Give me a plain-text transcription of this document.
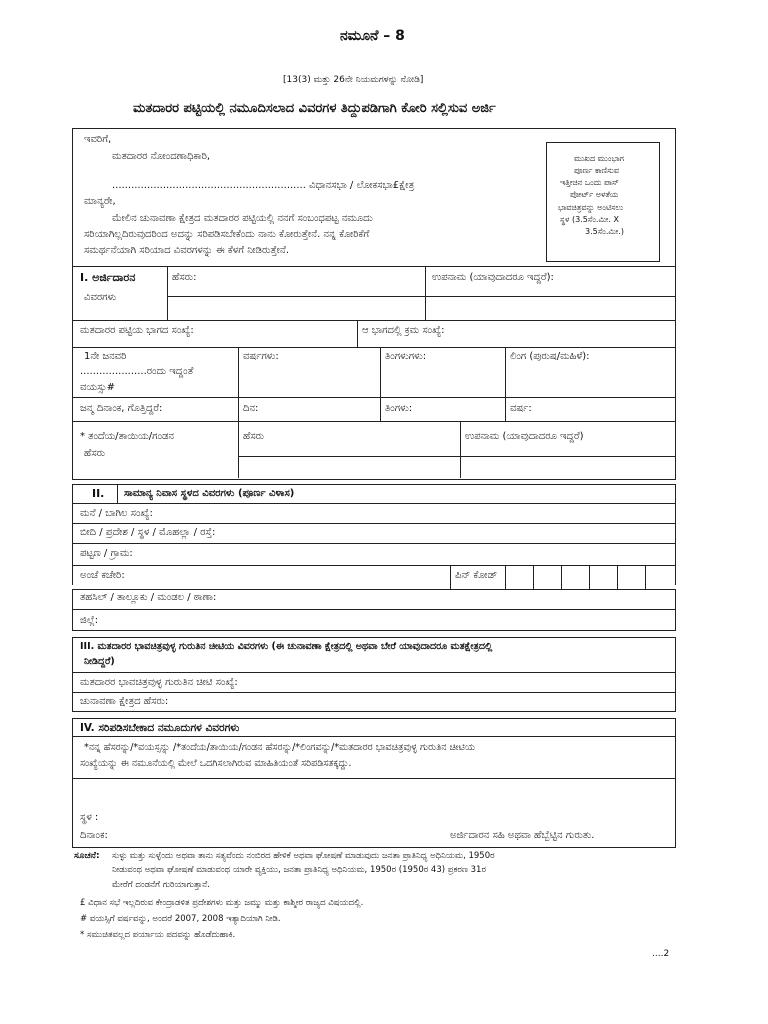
ನಮೂನೆ – 8
[13(3) ಮತ್ತು 26ನೇ ನಿಯಮಗಳನ್ನು ನೋಡಿ]
ಮತದಾರರ ಪಟ್ಟಿಯಲ್ಲಿ ನಮೂದಿಸಲಾದ ವಿವರಗಳ ತಿದ್ದುಪಡಿಗಾಗಿ ಕೋರಿ ಸಲ್ಲಿಸುವ ಅರ್ಜಿ
ಇವರಿಗೆ,
ಮತದಾರರ ನೋಂದಣಾಧಿಕಾರಿ,
............................................................. ವಿಧಾನಸಭಾ / ಲೋಕಸಭಾ£ಕ್ಷೇತ್ರ
ಮಾನ್ಯರೇ,
ಮೇಲಿನ ಚುನಾವಣಾ ಕ್ಷೇತ್ರದ ಮತದಾರರ ಪಟ್ಟಿಯಲ್ಲಿ ನನಗೆ ಸಂಬಂಧಪಟ್ಟ ನಮೂದು
ಸರಿಯಾಗಿಲ್ಲದಿರುವುದರಿಂದ ಅದನ್ನು ಸರಿಪಡಿಸಬೇಕೆಂದು ನಾನು ಕೋರುತ್ತೇನೆ. ನನ್ನ ಕೋರಿಕೆಗೆ
ಸಮರ್ಥನೆಯಾಗಿ ಸರಿಯಾದ ವಿವರಗಳನ್ನು ಈ ಕೆಳಗೆ ನೀಡಿರುತ್ತೇನೆ.
ಮುಖದ ಮುಂಭಾಗ
ಪೂರ್ಣ ಕಾಣಿಸುವ
ಇತ್ತೀಚಿನ ಒಂದು ಪಾಸ್
ಪೋರ್ಟ್ ಅಳತೆಯ
ಭಾವಚಿತ್ರವನ್ನು ಅಂಟಿಸಲು
ಸ್ಥಳ (3.5ಸೆಂ.ಮೀ. X
3.5ಸೆಂ.ಮೀ.)
I. ಅರ್ಜಿದಾರನ
ವಿವರಗಳು
ಹೆಸರು:	ಉಪನಾಮ (ಯಾವುದಾದರೂ ಇದ್ದರೆ):
ಮತದಾರರ ಪಟ್ಟಿಯ ಭಾಗದ ಸಂಖ್ಯೆ:	ಆ ಭಾಗದಲ್ಲಿ ಕ್ರಮ ಸಂಖ್ಯೆ:
1ನೇ ಜನವರಿ
.....................ರಂದು ಇದ್ದಂತೆ
ವಯಸ್ಸು#
ವರ್ಷಗಳು:	ತಿಂಗಳುಗಳು:	ಲಿಂಗ (ಪುರುಷ/ಮಹಿಳೆ):
ಜನ್ಮ ದಿನಾಂಕ, ಗೊತ್ತಿದ್ದರೆ:	ದಿನ:	ತಿಂಗಳು:	ವರ್ಷ:
* ತಂದೆಯ/ತಾಯಿಯ/ಗಂಡನ
ಹೆಸರು
ಹೆಸರು	ಉಪನಾಮ (ಯಾವುದಾದರೂ ಇದ್ದರೆ)
II. ಸಾಮಾನ್ಯ ನಿವಾಸ ಸ್ಥಳದ ವಿವರಗಳು (ಪೂರ್ಣ ವಿಳಾಸ)
ಮನೆ / ಬಾಗಿಲ ಸಂಖ್ಯೆ:
ಬೀದಿ / ಪ್ರದೇಶ / ಸ್ಥಳ / ಮೊಹಲ್ಲಾ / ರಸ್ತೆ:
ಪಟ್ಟಣ / ಗ್ರಾಮ:
ಅಂಚೆ ಕಚೇರಿ:	ಪಿನ್ ಕೋಡ್
ತಹಸಿಲ್ / ತಾಲ್ಲೂಕು / ಮಂಡಲ / ಠಾಣಾ:
ಜಿಲ್ಲೆ:
III. ಮತದಾರರ ಭಾವಚಿತ್ರವುಳ್ಳ ಗುರುತಿನ ಚೀಟಿಯ ವಿವರಗಳು (ಈ ಚುನಾವಣಾ ಕ್ಷೇತ್ರದಲ್ಲಿ ಅಥವಾ ಬೇರೆ ಯಾವುದಾದರೂ ಮತಕ್ಷೇತ್ರದಲ್ಲಿ
ನೀಡಿದ್ದರೆ)
ಮತದಾರರ ಭಾವಚಿತ್ರವುಳ್ಳ ಗುರುತಿನ ಚೀಟಿ ಸಂಖ್ಯೆ:
ಚುನಾವಣಾ ಕ್ಷೇತ್ರದ ಹೆಸರು:
IV. ಸರಿಪಡಿಸಬೇಕಾದ ನಮೂದುಗಳ ವಿವರಗಳು
*ನನ್ನ ಹೆಸರನ್ನು/*ವಯಸ್ಸನ್ನು /*ತಂದೆಯ/ತಾಯಿಯ/ಗಂಡನ ಹೆಸರನ್ನು/*ಲಿಂಗವನ್ನು/*ಮತದಾರರ ಭಾವಚಿತ್ರವುಳ್ಳ ಗುರುತಿನ ಚೀಟಿಯ
ಸಂಖ್ಯೆಯನ್ನು ಈ ನಮೂನೆಯಲ್ಲಿ ಮೇಲೆ ಒದಗಿಸಲಾಗಿರುವ ಮಾಹಿತಿಯಂತೆ ಸರಿಪಡಿಸತಕ್ಕದ್ದು.
ಸ್ಥಳ :
ದಿನಾಂಕ:	ಅರ್ಜಿದಾರನ ಸಹಿ ಅಥವಾ ಹೆಬ್ಬೆಟ್ಟಿನ ಗುರುತು.
ಸೂಚನೆ: ಸುಳ್ಳು ಮತ್ತು ಸುಳ್ಳೆಂದು ಅಥವಾ ತಾನು ಸತ್ಯವೆಂದು ನಂಬಿರದ ಹೇಳಿಕೆ ಅಥವಾ ಘೋಷಣೆ ಮಾಡುವುದು ಜನತಾ ಪ್ರಾತಿನಿಧ್ಯ ಅಧಿನಿಯಮ, 1950ರ
ನೀಡುವಂಥ ಅಥವಾ ಘೋಷಣೆ ಮಾಡುವಂಥ ಯಾರೇ ವ್ಯಕ್ತಿಯು, ಜನತಾ ಪ್ರಾತಿನಿಧ್ಯ ಅಧಿನಿಯಮ, 1950ರ (1950ರ 43) ಪ್ರಕರಣ 31ರ
ಮೇರೆಗೆ ದಂಡನೆಗೆ ಗುರಿಯಾಗುತ್ತಾನೆ.
£ ವಿಧಾನ ಸಭೆ ಇಲ್ಲದಿರುವ ಕೇಂದ್ರಾಡಳಿತ ಪ್ರದೇಶಗಳು ಮತ್ತು ಜಮ್ಮು ಮತ್ತು ಕಾಶ್ಮೀರ ರಾಜ್ಯದ ವಿಷಯದಲ್ಲಿ.
# ವಯಸ್ಸಿಗೆ ವರ್ಷವನ್ನು, ಅಂದರೆ 2007, 2008 ಇತ್ಯಾದಿಯಾಗಿ ನೀಡಿ.
* ಸಮುಚಿತವಲ್ಲದ ಪರ್ಯಾಯ ಪದವನ್ನು ಹೊಡೆದುಹಾಕಿ.
....2
